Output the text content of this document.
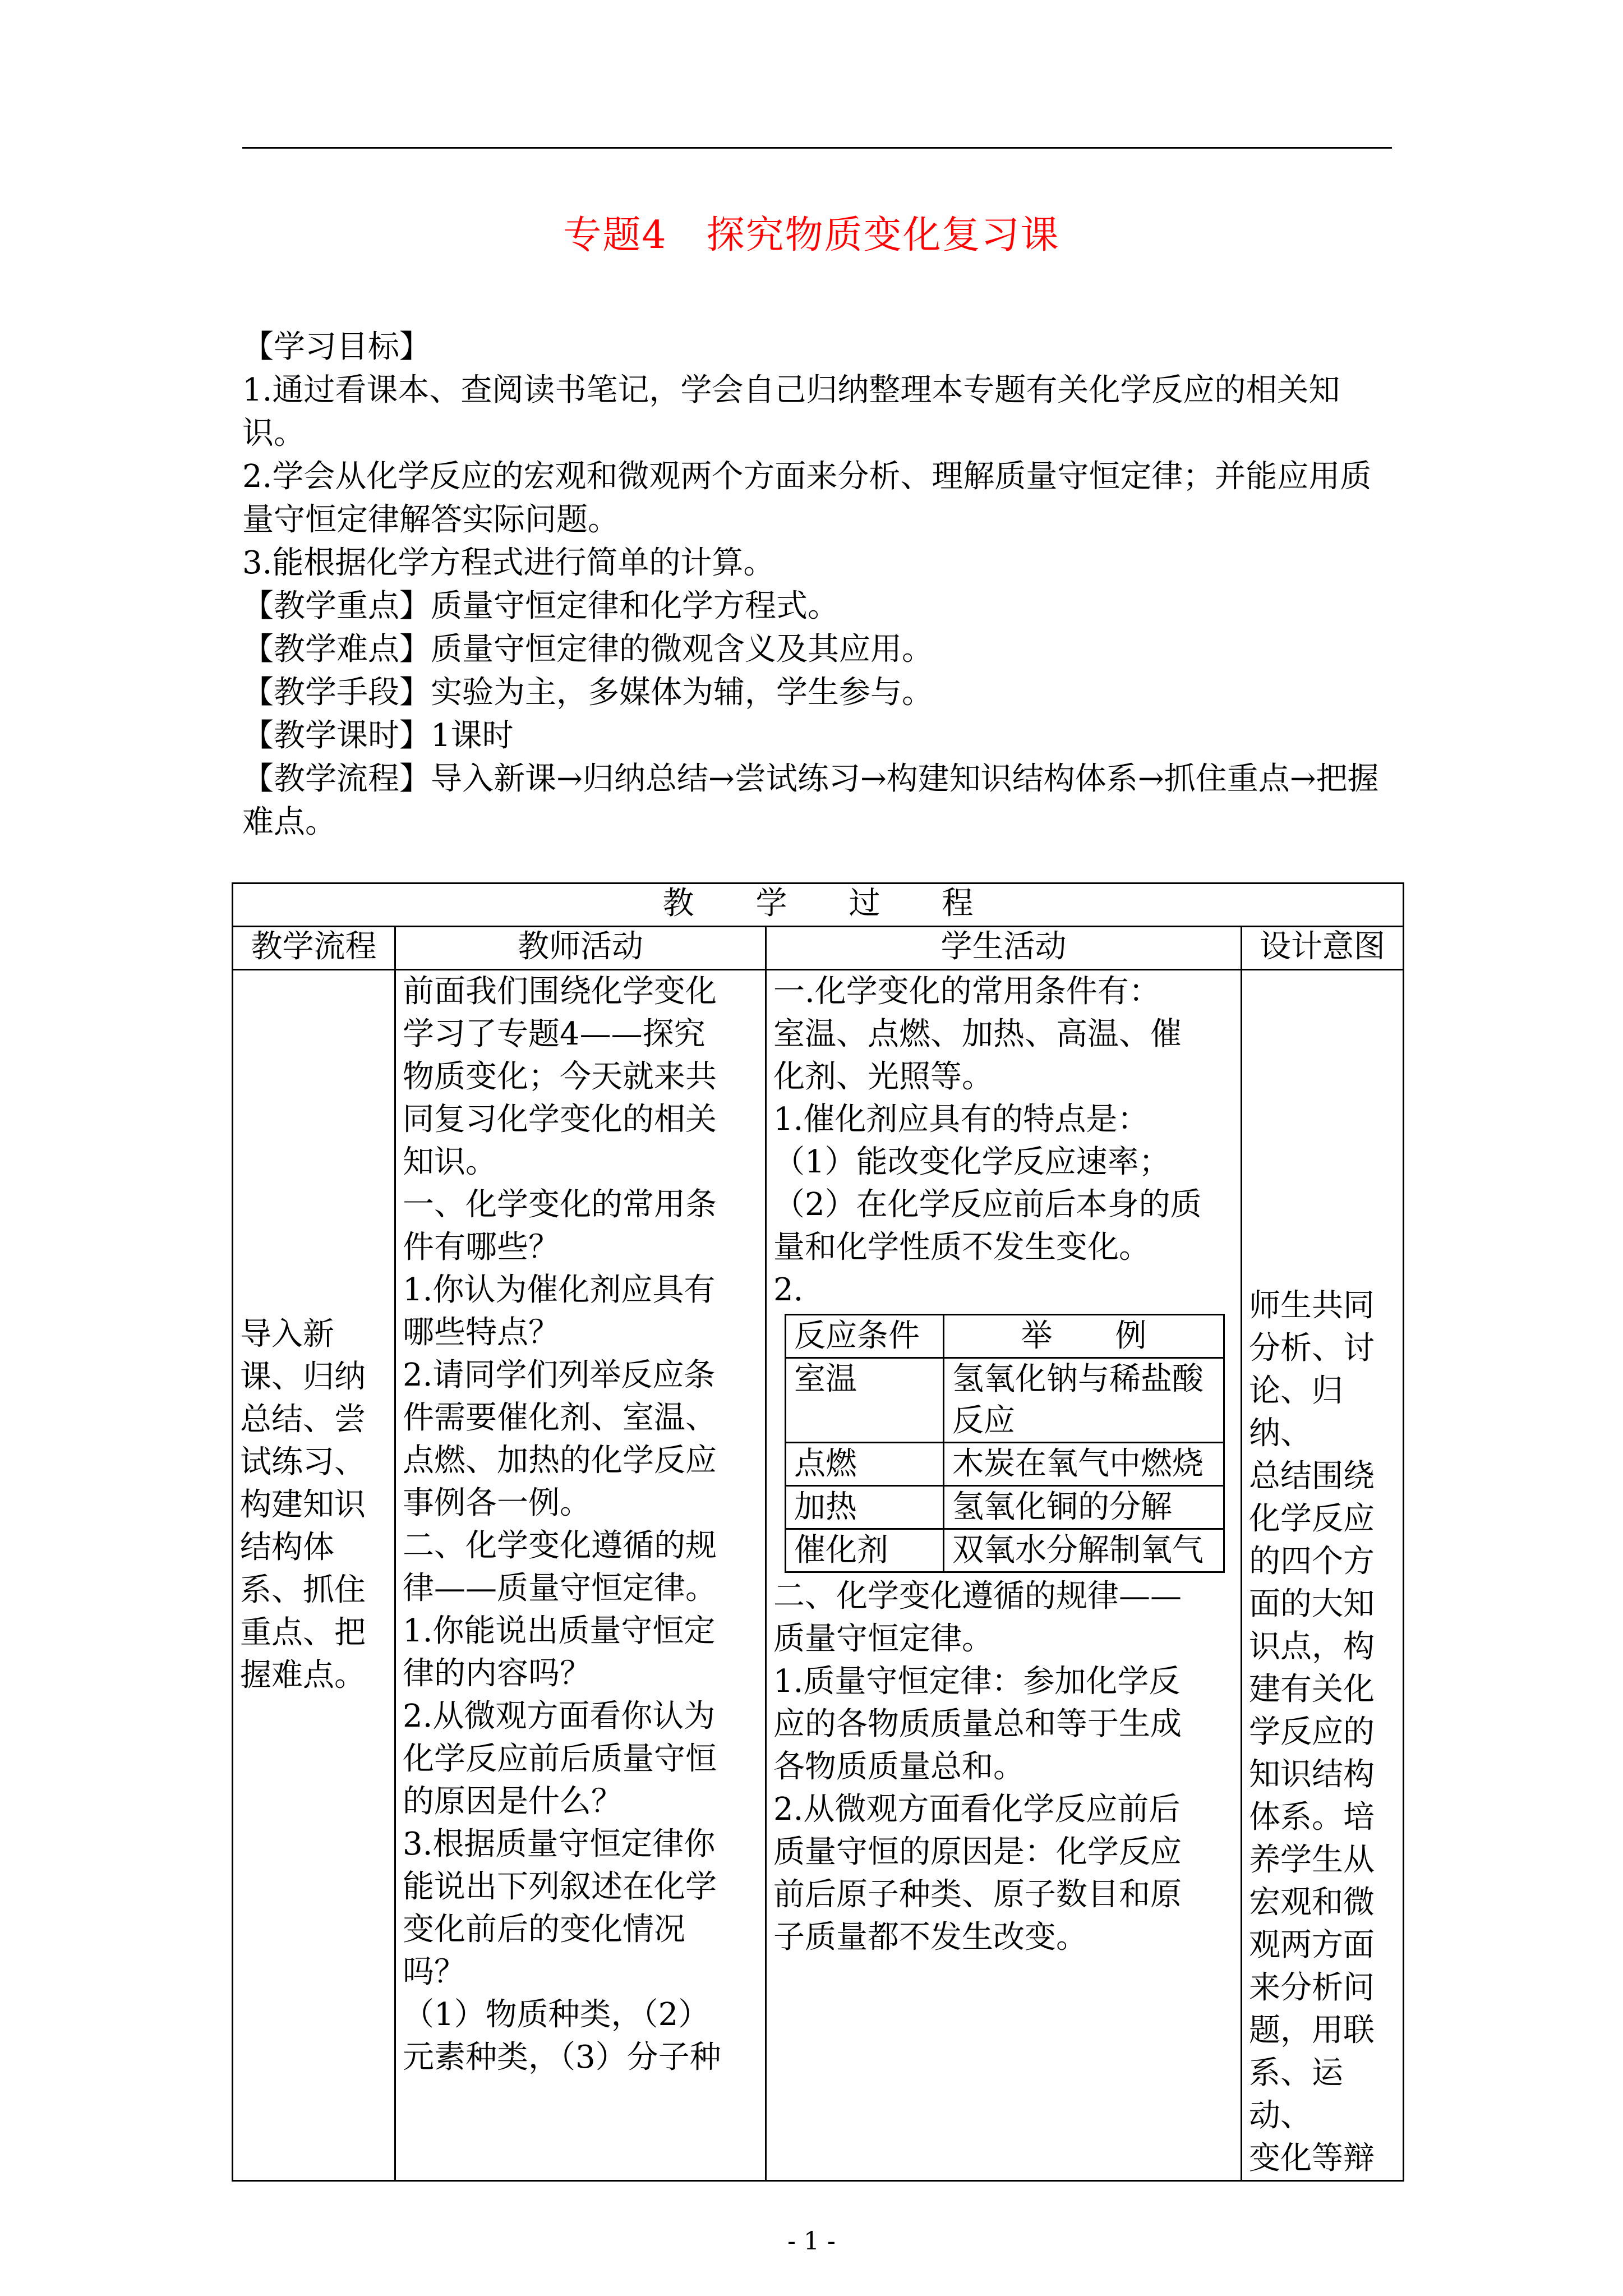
专题4 探究物质变化复习课

【学习目标】

1.通过看课本、查阅读书笔记，学会自己归纳整理本专题有关化学反应的相关知识。

2.学会从化学反应的宏观和微观两个方面来分析、理解质量守恒定律；并能应用质量守恒定律解答实际问题。

3.能根据化学方程式进行简单的计算。

【教学重点】质量守恒定律和化学方程式。

【教学难点】质量守恒定律的微观含义及其应用。

【教学手段】实验为主，多媒体为辅，学生参与。

【教学课时】1课时

【教学流程】导入新课→归纳总结→尝试练习→构建知识结构体系→抓住重点→把握难点。

教学过程
教学流程	教师活动	学生活动	设计意图

导入新课、归纳总结、尝试练习、构建知识结构体系、抓住重点、把握难点。

前面我们围绕化学变化
学习了专题4——探究
物质变化；今天就来共
同复习化学变化的相关
知识。
一、化学变化的常用条
件有哪些？
1.你认为催化剂应具有
哪些特点？
2.请同学们列举反应条
件需要催化剂、室温、
点燃、加热的化学反应
事例各一例。
二、化学变化遵循的规
律——质量守恒定律。
1.你能说出质量守恒定
律的内容吗？
2.从微观方面看你认为
化学反应前后质量守恒
的原因是什么？
3.根据质量守恒定律你
能说出下列叙述在化学
变化前后的变化情况
吗？
（1）物质种类，（2）
元素种类，（3）分子种

一.化学变化的常用条件有：
室温、点燃、加热、高温、催
化剂、光照等。
1.催化剂应具有的特点是：
（1）能改变化学反应速率；
（2）在化学反应前后本身的质
量和化学性质不发生变化。
2.
反应条件	举　　例
室温	氢氧化钠与稀盐酸反应
点燃	木炭在氧气中燃烧
加热	氢氧化铜的分解
催化剂	双氧水分解制氧气
二、化学变化遵循的规律——
质量守恒定律。
1.质量守恒定律：参加化学反
应的各物质质量总和等于生成
各物质质量总和。
2.从微观方面看化学反应前后
质量守恒的原因是：化学反应
前后原子种类、原子数目和原
子质量都不发生改变。

师生共同
分析、讨
论、归纳、
总结围绕
化学反应
的四个方
面的大知
识点，构
建有关化
学反应的
知识结构
体系。培
养学生从
宏观和微
观两方面
来分析问
题，用联
系、运动、
变化等辩
- 1 -
